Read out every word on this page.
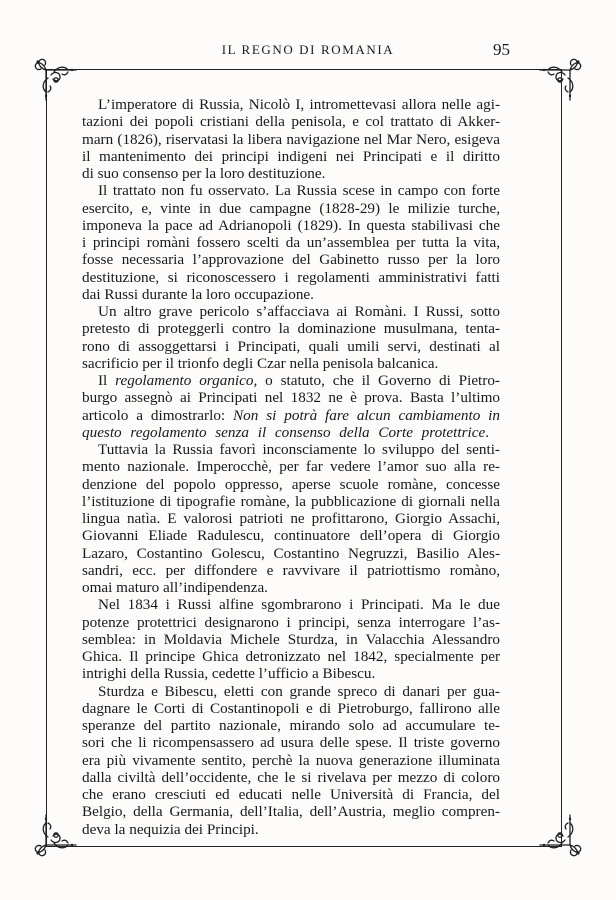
IL REGNO DI ROMANIA	95
L’imperatore di Russia, Nicolò I, intromettevasi allora nelle agi-
tazioni dei popoli cristiani della penisola, e col trattato di Akker-
marn (1826), riservatasi la libera navigazione nel Mar Nero, esigeva
il mantenimento dei principi indigeni nei Principati e il diritto
di suo consenso per la loro destituzione.
Il trattato non fu osservato. La Russia scese in campo con forte
esercito, e, vinte in due campagne (1828-29) le milizie turche,
imponeva la pace ad Adrianopoli (1829). In questa stabilivasi che
i principi romàni fossero scelti da un’assemblea per tutta la vita,
fosse necessaria l’approvazione del Gabinetto russo per la loro
destituzione, si riconoscessero i regolamenti amministrativi fatti
dai Russi durante la loro occupazione.
Un altro grave pericolo s’affacciava ai Romàni. I Russi, sotto
pretesto di proteggerli contro la dominazione musulmana, tenta-
rono di assoggettarsi i Principati, quali umili servi, destinati al
sacrificio per il trionfo degli Czar nella penisola balcanica.
Il regolamento organico, o statuto, che il Governo di Pietro-
burgo assegnò ai Principati nel 1832 ne è prova. Basta l’ultimo
articolo a dimostrarlo: Non si potrà fare alcun cambiamento in
questo regolamento senza il consenso della Corte protettrice.
Tuttavia la Russia favorì inconsciamente lo sviluppo del senti-
mento nazionale. Imperocchè, per far vedere l’amor suo alla re-
denzione del popolo oppresso, aperse scuole romàne, concesse
l’istituzione di tipografie romàne, la pubblicazione di giornali nella
lingua natìa. E valorosi patrioti ne profittarono, Giorgio Assachi,
Giovanni Eliade Radulescu, continuatore dell’opera di Giorgio
Lazaro, Costantino Golescu, Costantino Negruzzi, Basilio Ales-
sandri, ecc. per diffondere e ravvivare il patriottismo romàno,
omai maturo all’indipendenza.
Nel 1834 i Russi alfine sgombrarono i Principati. Ma le due
potenze protettrici designarono i principi, senza interrogare l’as-
semblea: in Moldavia Michele Sturdza, in Valacchia Alessandro
Ghica. Il principe Ghica detronizzato nel 1842, specialmente per
intrighi della Russia, cedette l’ufficio a Bibescu.
Sturdza e Bibescu, eletti con grande spreco di danari per gua-
dagnare le Corti di Costantinopoli e di Pietroburgo, fallirono alle
speranze del partito nazionale, mirando solo ad accumulare te-
sori che li ricompensassero ad usura delle spese. Il triste governo
era più vivamente sentito, perchè la nuova generazione illuminata
dalla civiltà dell’occidente, che le si rivelava per mezzo di coloro
che erano cresciuti ed educati nelle Università di Francia, del
Belgio, della Germania, dell’Italia, dell’Austria, meglio compren-
deva la nequizia dei Principi.
